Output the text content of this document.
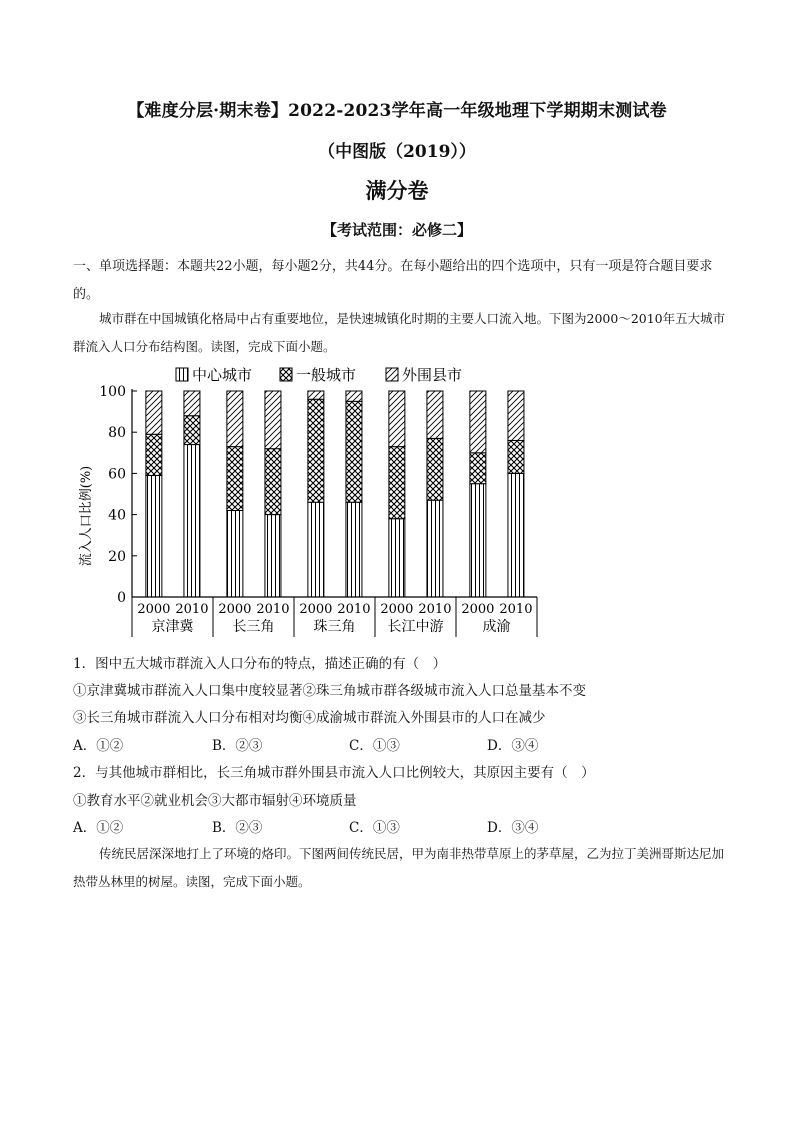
【难度分层·期末卷】2022-2023学年高一年级地理下学期期末测试卷
（中图版（2019））
满分卷
【考试范围：必修二】
一、单项选择题：本题共22小题，每小题2分，共44分。在每小题给出的四个选项中，只有一项是符合题目要求的。
城市群在中国城镇化格局中占有重要地位，是快速城镇化时期的主要人口流入地。下图为2000～2010年五大城市群流入人口分布结构图。读图，完成下面小题。
中心城市	一般城市	外围县市
流入人口比例(%)
0
20
40
60
80
100
2000 2010
京津冀
2000 2010
长三角
2000 2010
珠三角
2000 2010
长江中游
2000 2010
成渝
1．图中五大城市群流入人口分布的特点，描述正确的有（　）
①京津冀城市群流入人口集中度较显著②珠三角城市群各级城市流入人口总量基本不变
③长三角城市群流入人口分布相对均衡④成渝城市群流入外围县市的人口在减少
A．①②	B．②③	C．①③	D．③④
2．与其他城市群相比，长三角城市群外围县市流入人口比例较大，其原因主要有（　）
①教育水平②就业机会③大都市辐射④环境质量
A．①②	B．②③	C．①③	D．③④
传统民居深深地打上了环境的烙印。下图两间传统民居，甲为南非热带草原上的茅草屋，乙为拉丁美洲哥斯达尼加热带丛林里的树屋。读图，完成下面小题。
